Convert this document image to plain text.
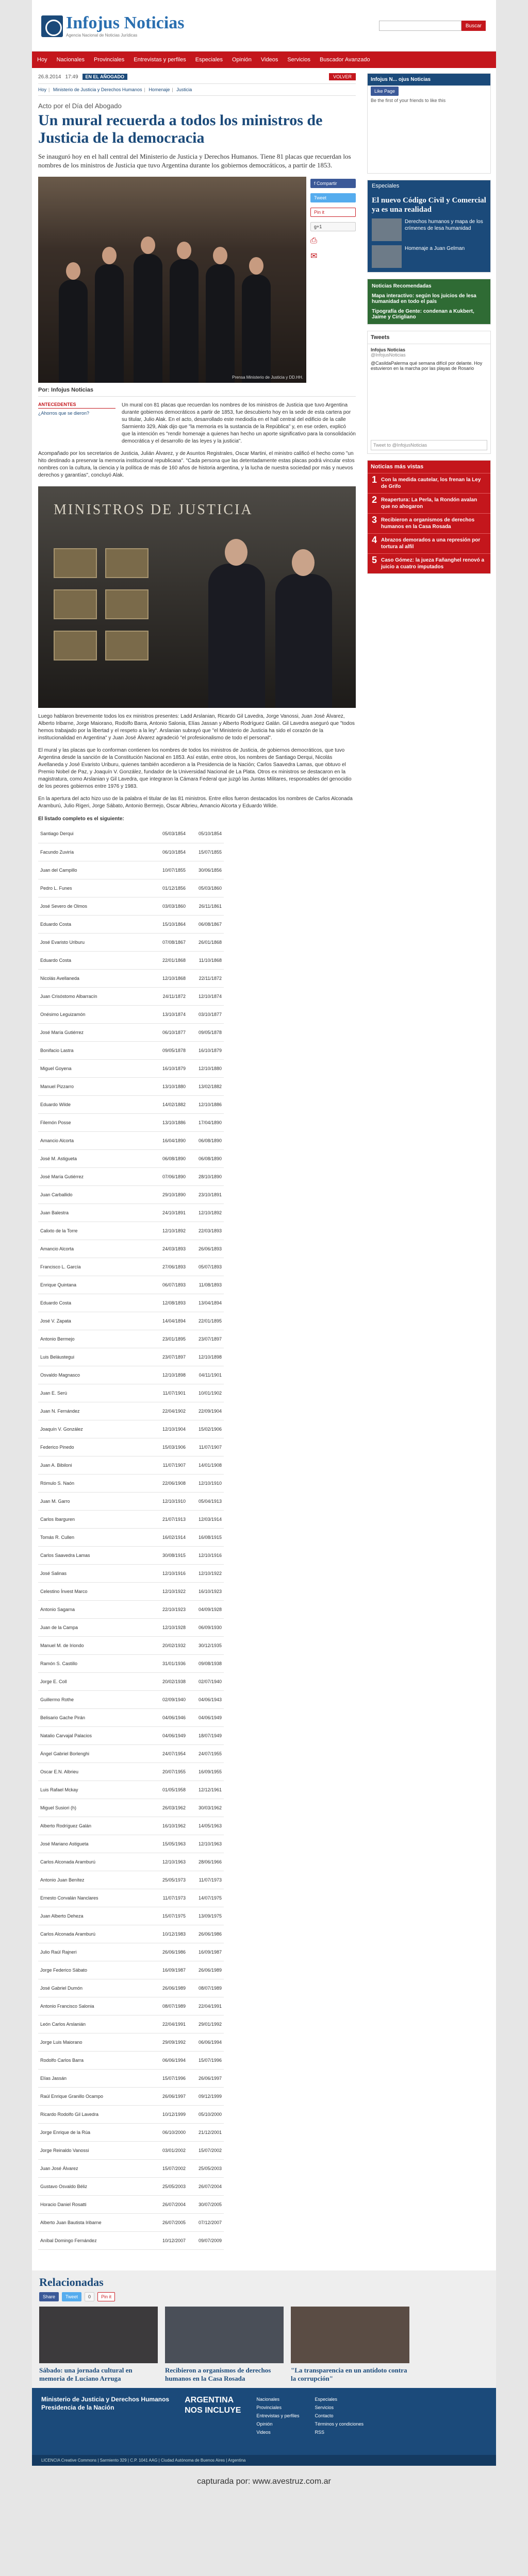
Infojus Noticias
Agencia Nacional de Noticias Jurídicas
Buscar
Hoy Nacionales Provinciales Entrevistas y perfiles Especiales Opinión Videos Servicios Buscador Avanzado
26.8.2014 17:49	EN EL AÑOGADO	VOLVER
Hoy | Ministerio de Justicia y Derechos Humanos | Homenaje | Justicia
Acto por el Día del Abogado
Un mural recuerda a todos los ministros de Justicia de la democracia

Se inauguró hoy en el hall central del Ministerio de Justicia y Derechos Humanos. Tiene 81 placas que recuerdan los nombres de los ministros de Justicia que tuvo Argentina durante los gobiernos democráticos, a partir de 1853.

Prensa Ministerio de Justicia y DD.HH.
f Compartir
Tweet
Pin it
g+1
⎙
✉
Por: Infojus Noticias
ANTECEDENTES

¿Ahorros que se dieron?

Un mural con 81 placas que recuerdan los nombres de los ministros de Justicia que tuvo Argentina durante gobiernos democráticos a partir de 1853, fue descubierto hoy en la sede de esta cartera por su titular, Julio Alak. En el acto, desarrollado este mediodía en el hall central del edificio de la calle Sarmiento 329, Alak dijo que "la memoria es la sustancia de la República" y, en ese orden, explicó que la intención es "rendir homenaje a quienes han hecho un aporte significativo para la consolidación democrática y el desarrollo de las leyes y la justicia".

Acompañado por los secretarios de Justicia, Julián Álvarez, y de Asuntos Registrales, Oscar Martini, el ministro calificó el hecho como "un hito destinado a preservar la memoria institucional republicana". "Cada persona que las detentadamente estas placas podrá vincular estos nombres con la cultura, la ciencia y la política de más de 160 años de historia argentina, y la lucha de nuestra sociedad por más y nuevos derechos y garantías", concluyó Alak.

MINISTROS DE JUSTICIA

Luego hablaron brevemente todos los ex ministros presentes: Ladd Arslanian, Ricardo Gil Lavedra, Jorge Vanossi, Juan José Álvarez, Alberto Iribarne, Jorge Maiorano, Rodolfo Barra, Antonio Salonia, Elías Jassan y Alberto Rodríguez Galán. Gil Lavedra aseguró que "todos hemos trabajado por la libertad y el respeto a la ley". Arslanian subrayó que "el Ministerio de Justicia ha sido el corazón de la institucionalidad en Argentina" y Juan José Álvarez agradeció "el profesionalismo de todo el personal".

El mural y las placas que lo conforman contienen los nombres de todos los ministros de Justicia, de gobiernos democráticos, que tuvo Argentina desde la sanción de la Constitución Nacional en 1853. Así están, entre otros, los nombres de Santiago Derqui, Nicolás Avellaneda y José Evaristo Uriburu, quienes también accedieron a la Presidencia de la Nación; Carlos Saavedra Lamas, que obtuvo el Premio Nobel de Paz, y Joaquín V. González, fundador de la Universidad Nacional de La Plata. Otros ex ministros se destacaron en la magistratura, como Arslanian y Gil Lavedra, que integraron la Cámara Federal que juzgó las Juntas Militares, responsables del genocidio de los peores gobiernos entre 1976 y 1983.

En la apertura del acto hizo uso de la palabra el titular de las 81 ministros. Entre ellos fueron destacados los nombres de Carlos Alconada Aramburú, Julio Rigeri, Jorge Sábato, Antonio Bermejo, Oscar Albrieu, Amancio Alcorta y Eduardo Wilde.

El listado completo es el siguiente:
Santiago Derqui	05/03/1854	05/10/1854
Facundo Zuviría	06/10/1854	15/07/1855
Juan del Campillo	10/07/1855	30/06/1856
Pedro L. Funes	01/12/1856	05/03/1860
José Severo de Olmos	03/03/1860	26/11/1861
Eduardo Costa	15/10/1864	06/08/1867
José Evaristo Uriburu	07/08/1867	26/01/1868
Eduardo Costa	22/01/1868	11/10/1868
Nicolás Avellaneda	12/10/1868	22/11/1872
Juan Crisóstomo Albarracín	24/11/1872	12/10/1874
Onésimo Leguizamón	13/10/1874	03/10/1877
José María Gutiérrez	06/10/1877	09/05/1878
Bonifacio Lastra	09/05/1878	16/10/1879
Miguel Goyena	16/10/1879	12/10/1880
Manuel Pizzarro	13/10/1880	13/02/1882
Eduardo Wilde	14/02/1882	12/10/1886
Filemón Posse	13/10/1886	17/04/1890
Amancio Alcorta	16/04/1890	06/08/1890
José M. Astigueta	06/08/1890	06/08/1890
José María Gutiérrez	07/06/1890	28/10/1890
Juan Carballido	29/10/1890	23/10/1891
Juan Balestra	24/10/1891	12/10/1892
Calixto de la Torre	12/10/1892	22/03/1893
Amancio Alcorta	24/03/1893	26/06/1893
Francisco L. García	27/06/1893	05/07/1893
Enrique Quintana	06/07/1893	11/08/1893
Eduardo Costa	12/08/1893	13/04/1894
José V. Zapata	14/04/1894	22/01/1895
Antonio Bermejo	23/01/1895	23/07/1897
Luis Beláustegui	23/07/1897	12/10/1898
Osvaldo Magnasco	12/10/1898	04/11/1901
Juan E. Serú	11/07/1901	10/01/1902
Juan N. Fernández	22/04/1902	22/09/1904
Joaquín V. González	12/10/1904	15/02/1906
Federico Pinedo	15/03/1906	11/07/1907
Juan A. Bibiloni	11/07/1907	14/01/1908
Rómulo S. Naón	22/06/1908	12/10/1910
Juan M. Garro	12/10/1910	05/04/1913
Carlos Ibarguren	21/07/1913	12/03/1914
Tomás R. Cullen	16/02/1914	16/08/1915
Carlos Saavedra Lamas	30/08/1915	12/10/1916
José Salinas	12/10/1916	12/10/1922
Celestino Ínvest Marco	12/10/1922	16/10/1923
Antonio Sagarna	22/10/1923	04/09/1928
Juan de la Campa	12/10/1928	06/09/1930
Manuel M. de Iriondo	20/02/1932	30/12/1935
Ramón S. Castillo	31/01/1936	09/08/1938
Jorge E. Coll	20/02/1938	02/07/1940
Guillermo Rothe	02/09/1940	04/06/1943
Belisario Gache Pirán	04/06/1946	04/06/1949
Natalio Carvajal Palacios	04/06/1949	18/07/1949
Ángel Gabriel Borlenghi	24/07/1954	24/07/1955
Oscar E.N. Albrieu	20/07/1955	16/09/1955
Luis Rafael Mckay	01/05/1958	12/12/1961
Miguel Susiori (h)	26/03/1962	30/03/1962
Alberto Rodríguez Galán	16/10/1962	14/05/1963
José Mariano Astigueta	15/05/1963	12/10/1963
Carlos Alconada Aramburú	12/10/1963	28/06/1966
Antonio Juan Benítez	25/05/1973	11/07/1973
Ernesto Corvalán Nanclares	11/07/1973	14/07/1975
Juan Alberto Deheza	15/07/1975	13/09/1975
Carlos Alconada Aramburú	10/12/1983	26/06/1986
Julio Raúl Rajneri	26/06/1986	16/09/1987
Jorge Federico Sábato	16/09/1987	26/06/1989
José Gabriel Dumón	26/06/1989	08/07/1989
Antonio Francisco Salonia	08/07/1989	22/04/1991
León Carlos Arslanián	22/04/1991	29/01/1992
Jorge Luis Maiorano	29/09/1992	06/06/1994
Rodolfo Carlos Barra	06/06/1994	15/07/1996
Elías Jassán	15/07/1996	26/06/1997
Raúl Enrique Granillo Ocampo	26/06/1997	09/12/1999
Ricardo Rodolfo Gil Lavedra	10/12/1999	05/10/2000
Jorge Enrique de la Rúa	06/10/2000	21/12/2001
Jorge Reinaldo Vanossi	03/01/2002	15/07/2002
Juan José Álvarez	15/07/2002	25/05/2003
Gustavo Osvaldo Béliz	25/05/2003	26/07/2004
Horacio Daniel Rosatti	26/07/2004	30/07/2005
Alberto Juan Bautista Iribarne	26/07/2005	07/12/2007
Aníbal Domingo Fernández	10/12/2007	09/07/2009
Infojus N... ojus Noticias
Like Page

Be the first of your friends to like this

Especiales
El nuevo Código Civil y Comercial ya es una realidad
Derechos humanos y mapa de los crímenes de lesa humanidad
Homenaje a Juan Gelman
Noticias Recomendadas
Mapa interactivo: según los juicios de lesa humanidad en todo el país
Tipografía de Gente: condenan a Kukbert, Jaime y Cirigliano
Tweets
Infojus Noticias
@InfojusNoticias

@CasildaPalerma qué semana difícil por delante. Hoy estuvieron en la marcha por las playas de Rosario

Tweet to @InfojusNoticias
Noticias más vistas
1 Con la medida cautelar, los frenan la Ley de Grifo
2 Reapertura: La Perla, la Rondón avalan que no ahogaron
3 Recibieron a organismos de derechos humanos en la Casa Rosada
4 Abrazos demorados a una represión por tortura al alfil
5 Caso Gómez: la jueza Fañanghel renovó a juicio a cuatro imputados
Relacionadas
Share	Tweet	0	Pin it
Sábado: una jornada cultural en memoria de Luciano Arruga
Recibieron a organismos de derechos humanos en la Casa Rosada
"La transparencia en un antídoto contra la corrupción"
Ministerio de Justicia y Derechos Humanos
Presidencia de la Nación
ARGENTINA
NOS INCLUYE
Nacionales
Provinciales
Entrevistas y perfiles
Opinión
Videos
Especiales
Servicios
Contacto
Términos y condiciones
RSS
LICENCIA Creative Commons | Sarmiento 329 | C.P. 1041 AAG | Ciudad Autónoma de Buenos Aires | Argentina
capturada por: www.avestruz.com.ar
